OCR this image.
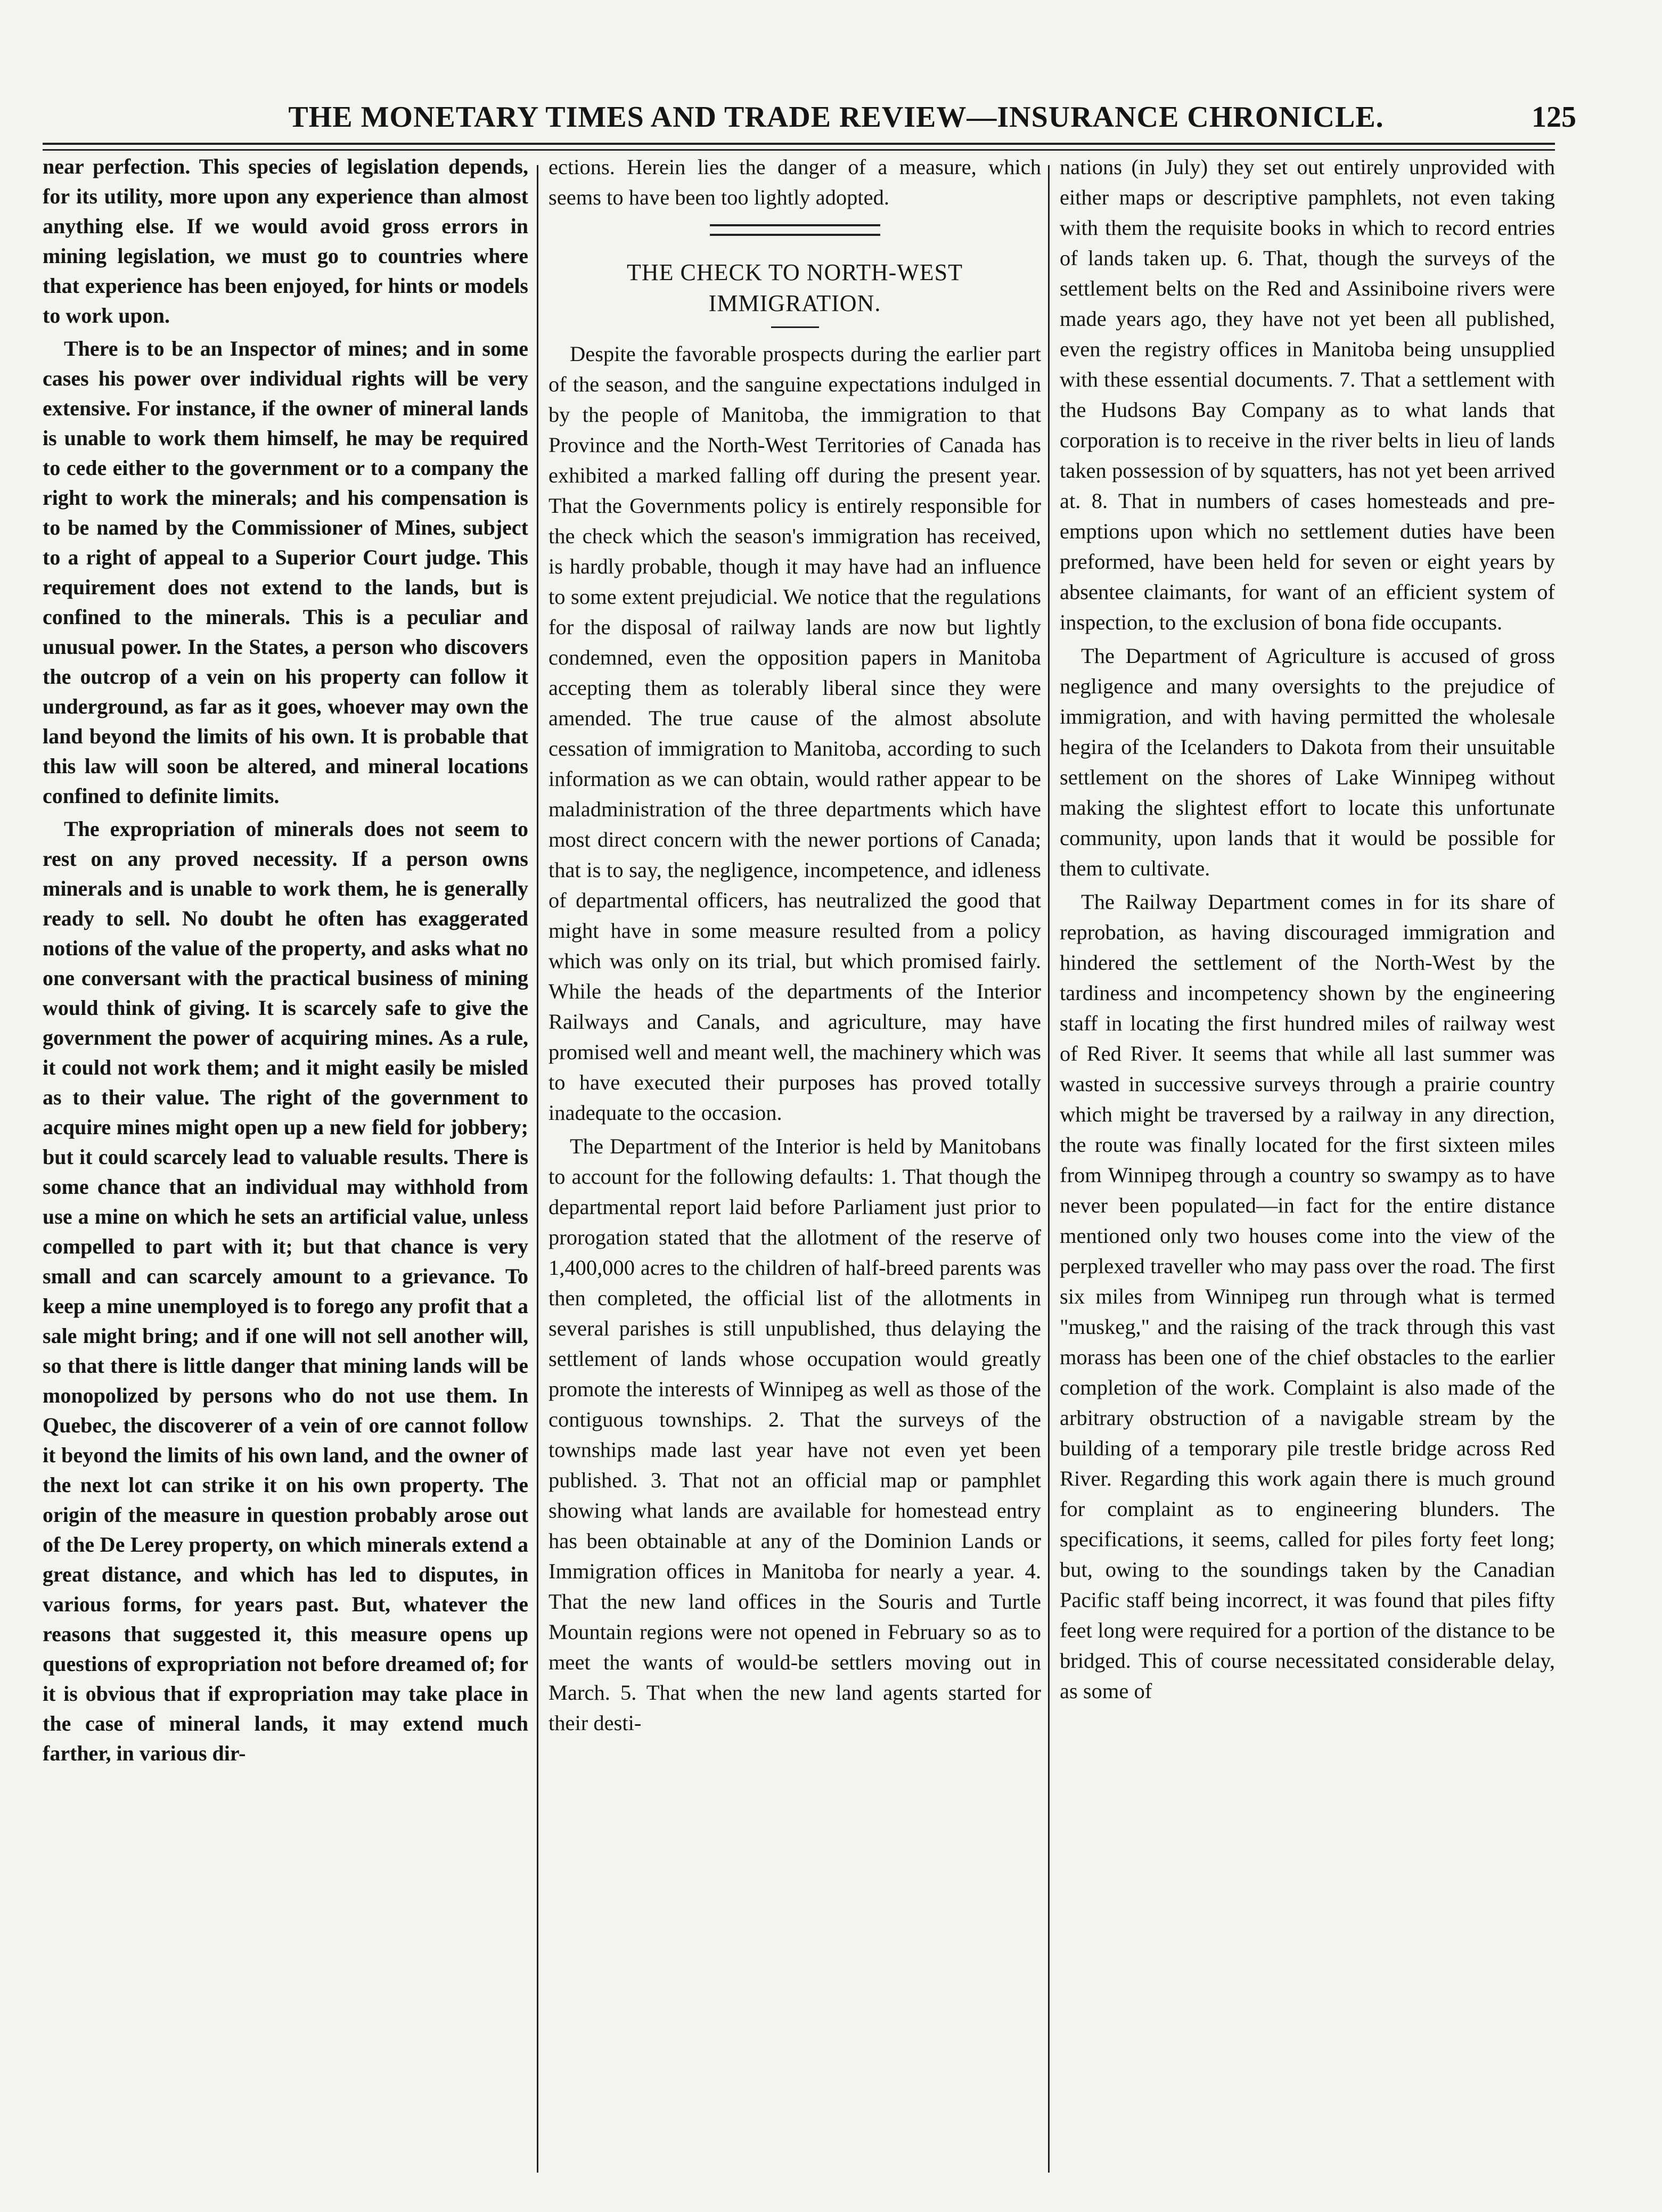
THE MONETARY TIMES AND TRADE REVIEW—INSURANCE CHRONICLE.	125

near perfection. This species of legislation depends, for its utility, more upon any experience than almost anything else. If we would avoid gross errors in mining legislation, we must go to countries where that experience has been enjoyed, for hints or models to work upon.

There is to be an Inspector of mines; and in some cases his power over individual rights will be very extensive. For instance, if the owner of mineral lands is unable to work them himself, he may be required to cede either to the government or to a company the right to work the minerals; and his compensation is to be named by the Commissioner of Mines, subject to a right of appeal to a Superior Court judge. This requirement does not extend to the lands, but is confined to the minerals. This is a peculiar and unusual power. In the States, a person who discovers the outcrop of a vein on his property can follow it underground, as far as it goes, whoever may own the land beyond the limits of his own. It is probable that this law will soon be altered, and mineral locations confined to definite limits.

The expropriation of minerals does not seem to rest on any proved necessity. If a person owns minerals and is unable to work them, he is generally ready to sell. No doubt he often has exaggerated notions of the value of the property, and asks what no one conversant with the practical business of mining would think of giving. It is scarcely safe to give the government the power of acquiring mines. As a rule, it could not work them; and it might easily be misled as to their value. The right of the government to acquire mines might open up a new field for jobbery; but it could scarcely lead to valuable results. There is some chance that an individual may withhold from use a mine on which he sets an artificial value, unless compelled to part with it; but that chance is very small and can scarcely amount to a grievance. To keep a mine unemployed is to forego any profit that a sale might bring; and if one will not sell another will, so that there is little danger that mining lands will be monopolized by persons who do not use them. In Quebec, the discoverer of a vein of ore cannot follow it beyond the limits of his own land, and the owner of the next lot can strike it on his own property. The origin of the measure in question probably arose out of the De Lerey property, on which minerals extend a great distance, and which has led to disputes, in various forms, for years past. But, whatever the reasons that suggested it, this measure opens up questions of expropriation not before dreamed of; for it is obvious that if expropriation may take place in the case of mineral lands, it may extend much farther, in various dir-

ections. Herein lies the danger of a measure, which seems to have been too lightly adopted.

THE CHECK TO NORTH-WEST IMMIGRATION.

Despite the favorable prospects during the earlier part of the season, and the sanguine expectations indulged in by the people of Manitoba, the immigration to that Province and the North-West Territories of Canada has exhibited a marked falling off during the present year. That the Governments policy is entirely responsible for the check which the season's immigration has received, is hardly probable, though it may have had an influence to some extent prejudicial. We notice that the regulations for the disposal of railway lands are now but lightly condemned, even the opposition papers in Manitoba accepting them as tolerably liberal since they were amended. The true cause of the almost absolute cessation of immigration to Manitoba, according to such information as we can obtain, would rather appear to be maladministration of the three departments which have most direct concern with the newer portions of Canada; that is to say, the negligence, incompetence, and idleness of departmental officers, has neutralized the good that might have in some measure resulted from a policy which was only on its trial, but which promised fairly. While the heads of the departments of the Interior Railways and Canals, and agriculture, may have promised well and meant well, the machinery which was to have executed their purposes has proved totally inadequate to the occasion.

The Department of the Interior is held by Manitobans to account for the following defaults: 1. That though the departmental report laid before Parliament just prior to prorogation stated that the allotment of the reserve of 1,400,000 acres to the children of half-breed parents was then completed, the official list of the allotments in several parishes is still unpublished, thus delaying the settlement of lands whose occupation would greatly promote the interests of Winnipeg as well as those of the contiguous townships. 2. That the surveys of the townships made last year have not even yet been published. 3. That not an official map or pamphlet showing what lands are available for homestead entry has been obtainable at any of the Dominion Lands or Immigration offices in Manitoba for nearly a year. 4. That the new land offices in the Souris and Turtle Mountain regions were not opened in February so as to meet the wants of would-be settlers moving out in March. 5. That when the new land agents started for their desti-

nations (in July) they set out entirely unprovided with either maps or descriptive pamphlets, not even taking with them the requisite books in which to record entries of lands taken up. 6. That, though the surveys of the settlement belts on the Red and Assiniboine rivers were made years ago, they have not yet been all published, even the registry offices in Manitoba being unsupplied with these essential documents. 7. That a settlement with the Hudsons Bay Company as to what lands that corporation is to receive in the river belts in lieu of lands taken possession of by squatters, has not yet been arrived at. 8. That in numbers of cases homesteads and pre-emptions upon which no settlement duties have been preformed, have been held for seven or eight years by absentee claimants, for want of an efficient system of inspection, to the exclusion of bona fide occupants.

The Department of Agriculture is accused of gross negligence and many oversights to the prejudice of immigration, and with having permitted the wholesale hegira of the Icelanders to Dakota from their unsuitable settlement on the shores of Lake Winnipeg without making the slightest effort to locate this unfortunate community, upon lands that it would be possible for them to cultivate.

The Railway Department comes in for its share of reprobation, as having discouraged immigration and hindered the settlement of the North-West by the tardiness and incompetency shown by the engineering staff in locating the first hundred miles of railway west of Red River. It seems that while all last summer was wasted in successive surveys through a prairie country which might be traversed by a railway in any direction, the route was finally located for the first sixteen miles from Winnipeg through a country so swampy as to have never been populated—in fact for the entire distance mentioned only two houses come into the view of the perplexed traveller who may pass over the road. The first six miles from Winnipeg run through what is termed "muskeg," and the raising of the track through this vast morass has been one of the chief obstacles to the earlier completion of the work. Complaint is also made of the arbitrary obstruction of a navigable stream by the building of a temporary pile trestle bridge across Red River. Regarding this work again there is much ground for complaint as to engineering blunders. The specifications, it seems, called for piles forty feet long; but, owing to the soundings taken by the Canadian Pacific staff being incorrect, it was found that piles fifty feet long were required for a portion of the distance to be bridged. This of course necessitated considerable delay, as some of
